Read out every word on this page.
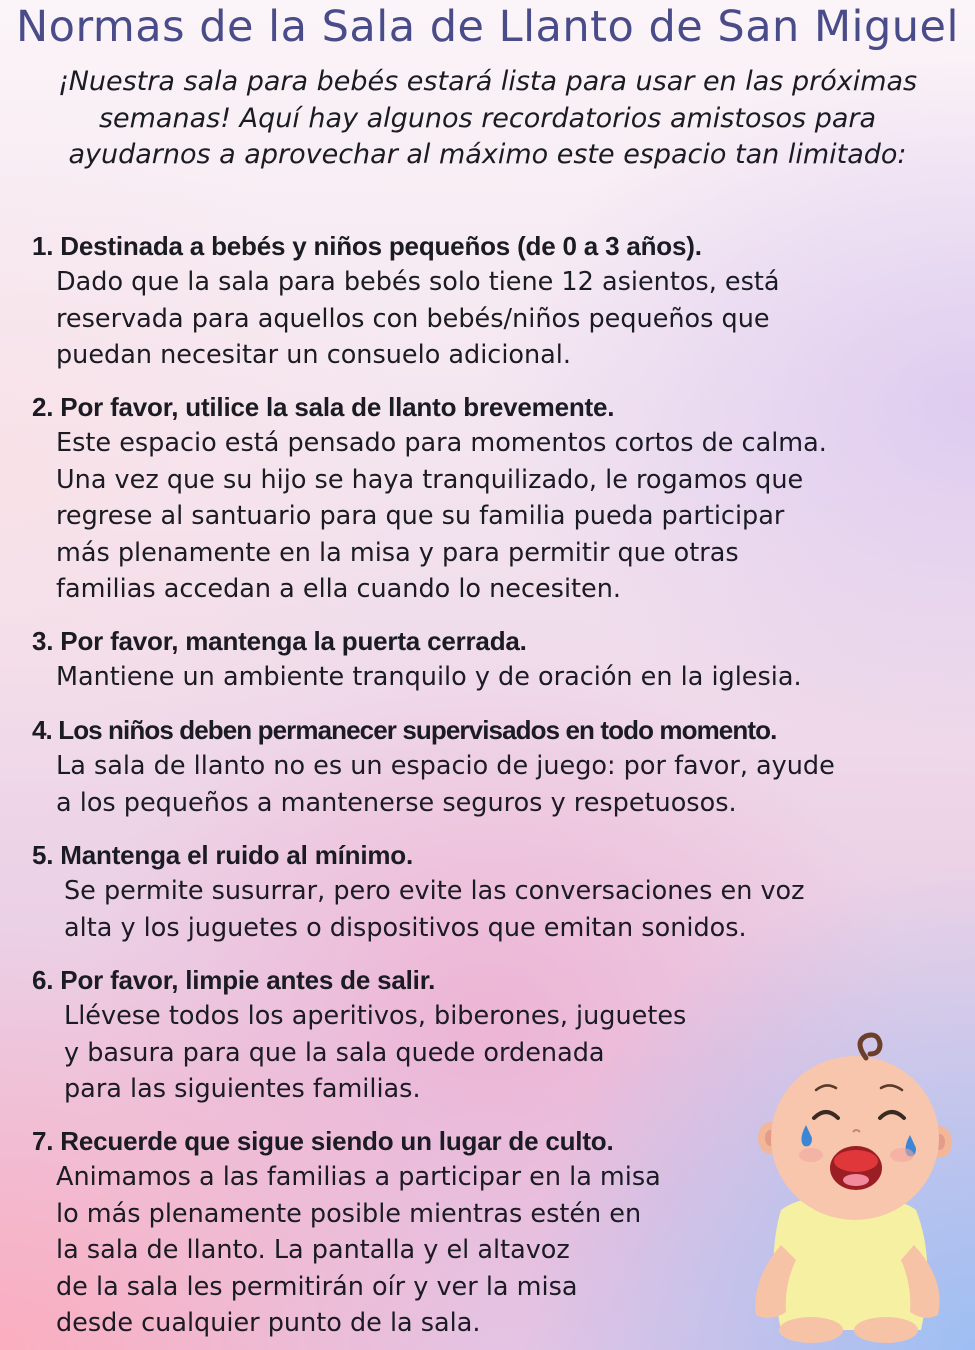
Normas de la Sala de Llanto de San Miguel
¡Nuestra sala para bebés estará lista para usar en las próximas semanas! Aquí hay algunos recordatorios amistosos para ayudarnos a aprovechar al máximo este espacio tan limitado:
1. Destinada a bebés y niños pequeños (de 0 a 3 años).
Dado que la sala para bebés solo tiene 12 asientos, está
reservada para aquellos con bebés/niños pequeños que
puedan necesitar un consuelo adicional.
2. Por favor, utilice la sala de llanto brevemente.
Este espacio está pensado para momentos cortos de calma.
Una vez que su hijo se haya tranquilizado, le rogamos que
regrese al santuario para que su familia pueda participar
más plenamente en la misa y para permitir que otras
familias accedan a ella cuando lo necesiten.
3. Por favor, mantenga la puerta cerrada.
Mantiene un ambiente tranquilo y de oración en la iglesia.
4. Los niños deben permanecer supervisados en todo momento.
La sala de llanto no es un espacio de juego: por favor, ayude
a los pequeños a mantenerse seguros y respetuosos.
5. Mantenga el ruido al mínimo.
Se permite susurrar, pero evite las conversaciones en voz
alta y los juguetes o dispositivos que emitan sonidos.
6. Por favor, limpie antes de salir.
Llévese todos los aperitivos, biberones, juguetes
y basura para que la sala quede ordenada
para las siguientes familias.
7. Recuerde que sigue siendo un lugar de culto.
Animamos a las familias a participar en la misa
lo más plenamente posible mientras estén en
la sala de llanto. La pantalla y el altavoz
de la sala les permitirán oír y ver la misa
desde cualquier punto de la sala.
